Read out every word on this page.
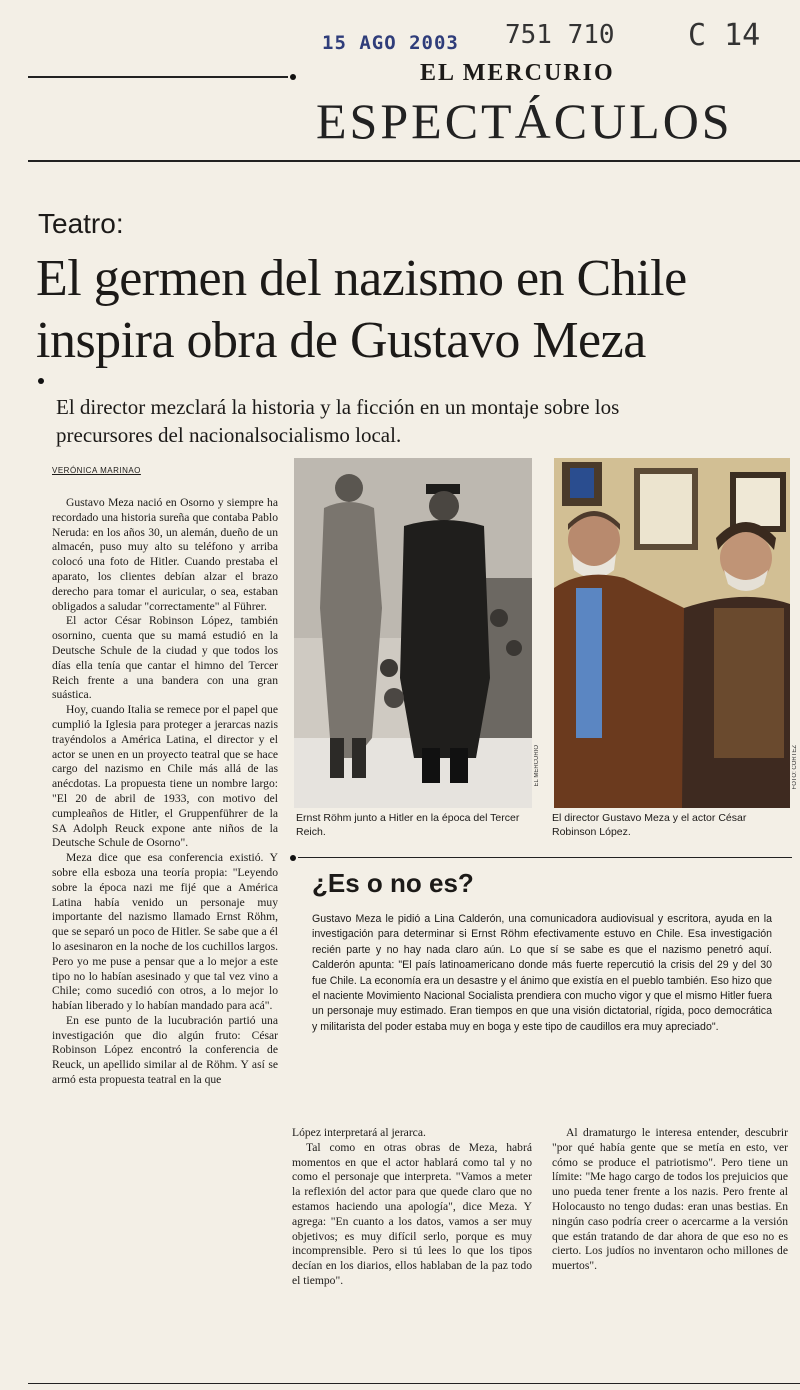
15 AGO 2003 751 710 C 14
EL MERCURIO
ESPECTÁCULOS
Teatro:
El germen del nazismo en Chile
inspira obra de Gustavo Meza
El director mezclará la historia y la ficción en un montaje sobre los
precursores del nacionalsocialismo local.
VERÓNICA MARINAO

Gustavo Meza nació en Osorno y siempre ha recordado una historia sureña que contaba Pablo Neruda: en los años 30, un alemán, dueño de un almacén, puso muy alto su teléfono y arriba colocó una foto de Hitler. Cuando prestaba el aparato, los clientes debían alzar el brazo derecho para tomar el auricular, o sea, estaban obligados a saludar "correctamente" al Führer.

El actor César Robinson López, también osornino, cuenta que su mamá estudió en la Deutsche Schule de la ciudad y que todos los días ella tenía que cantar el himno del Tercer Reich frente a una bandera con una gran suástica.

Hoy, cuando Italia se remece por el papel que cumplió la Iglesia para proteger a jerarcas nazis trayéndolos a América Latina, el director y el actor se unen en un proyecto teatral que se hace cargo del nazismo en Chile más allá de las anécdotas. La propuesta tiene un nombre largo: "El 20 de abril de 1933, con motivo del cumpleaños de Hitler, el Gruppenführer de la SA Adolph Reuck expone ante niños de la Deutsche Schule de Osorno".

Meza dice que esa conferencia existió. Y sobre ella esboza una teoría propia: "Leyendo sobre la época nazi me fijé que a América Latina había venido un personaje muy importante del nazismo llamado Ernst Röhm, que se separó un poco de Hitler. Se sabe que a él lo asesinaron en la noche de los cuchillos largos. Pero yo me puse a pensar que a lo mejor a este tipo no lo habían asesinado y que tal vez vino a Chile; como sucedió con otros, a lo mejor lo habían liberado y lo habían mandado para acá".

En ese punto de la lucubración partió una investigación que dio algún fruto: César Robinson López encontró la conferencia de Reuck, un apellido similar al de Röhm. Y así se armó esta propuesta teatral en la que

EL MERCURIO
Ernst Röhm junto a Hitler en la época del Tercer Reich.
FOTO: CORTEZ
El director Gustavo Meza y el actor César Robinson López.
¿Es o no es?
Gustavo Meza le pidió a Lina Calderón, una comunicadora audiovisual y escritora, ayuda en la investigación para determinar si Ernst Röhm efectivamente estuvo en Chile. Esa investigación recién parte y no hay nada claro aún. Lo que sí se sabe es que el nazismo penetró aquí. Calderón apunta: "El país latinoamericano donde más fuerte repercutió la crisis del 29 y del 30 fue Chile. La economía era un desastre y el ánimo que existía en el pueblo también. Eso hizo que el naciente Movimiento Nacional Socialista prendiera con mucho vigor y que el mismo Hitler fuera un personaje muy estimado. Eran tiempos en que una visión dictatorial, rígida, poco democrática y militarista del poder estaba muy en boga y este tipo de caudillos era muy apreciado".

López interpretará al jerarca.

Tal como en otras obras de Meza, habrá momentos en que el actor hablará como tal y no como el personaje que interpreta. "Vamos a meter la reflexión del actor para que quede claro que no estamos haciendo una apología", dice Meza. Y agrega: "En cuanto a los datos, vamos a ser muy objetivos; es muy difícil serlo, porque es muy incomprensible. Pero si tú lees lo que los tipos decían en los diarios, ellos hablaban de la paz todo el tiempo".

Al dramaturgo le interesa entender, descubrir "por qué había gente que se metía en esto, ver cómo se produce el patriotismo". Pero tiene un límite: "Me hago cargo de todos los prejuicios que uno pueda tener frente a los nazis. Pero frente al Holocausto no tengo dudas: eran unas bestias. En ningún caso podría creer o acercarme a la versión que están tratando de dar ahora de que eso no es cierto. Los judíos no inventaron ocho millones de muertos".
